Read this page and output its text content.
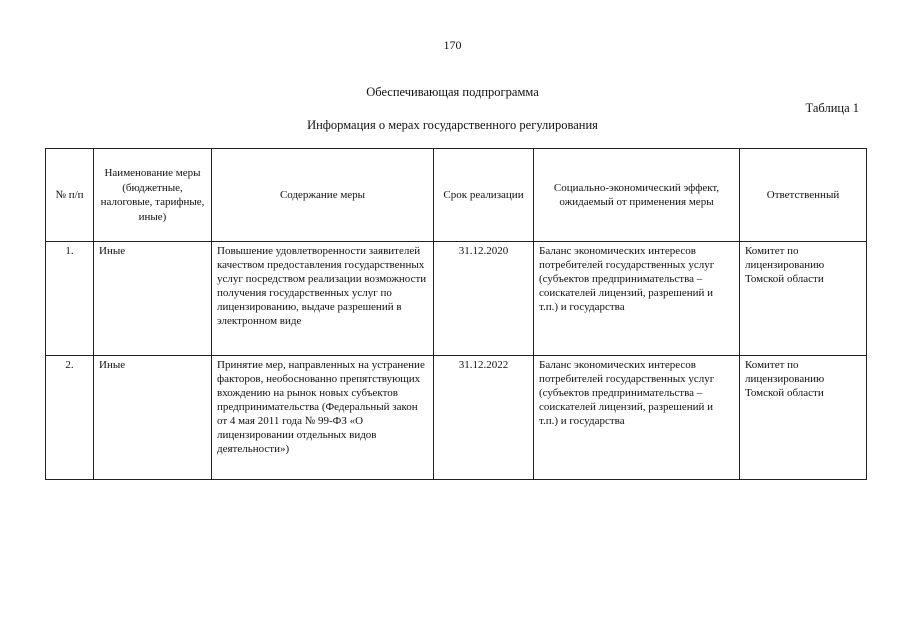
170
Обеспечивающая подпрограмма
Таблица 1
Информация о мерах государственного регулирования
№ п/п	Наименование меры (бюджетные, налоговые, тарифные, иные)	Содержание меры	Срок реализации	Социально-экономический эффект, ожидаемый от применения меры	Ответственный
1.	Иные	Повышение удовлетворенности заявителей качеством предоставления государственных услуг посредством реализации возможности получения государственных услуг по лицензированию, выдаче разрешений в электронном виде	31.12.2020	Баланс экономических интересов потребителей государственных услуг (субъектов предпринимательства – соискателей лицензий, разрешений и т.п.) и государства	Комитет по лицензированию Томской области
2.	Иные	Принятие мер, направленных на устранение факторов, необоснованно препятствующих вхождению на рынок новых субъектов предпринимательства (Федеральный закон от 4 мая 2011 года № 99-ФЗ «О лицензировании отдельных видов деятельности»)	31.12.2022	Баланс экономических интересов потребителей государственных услуг (субъектов предпринимательства – соискателей лицензий, разрешений и т.п.) и государства	Комитет по лицензированию Томской области
